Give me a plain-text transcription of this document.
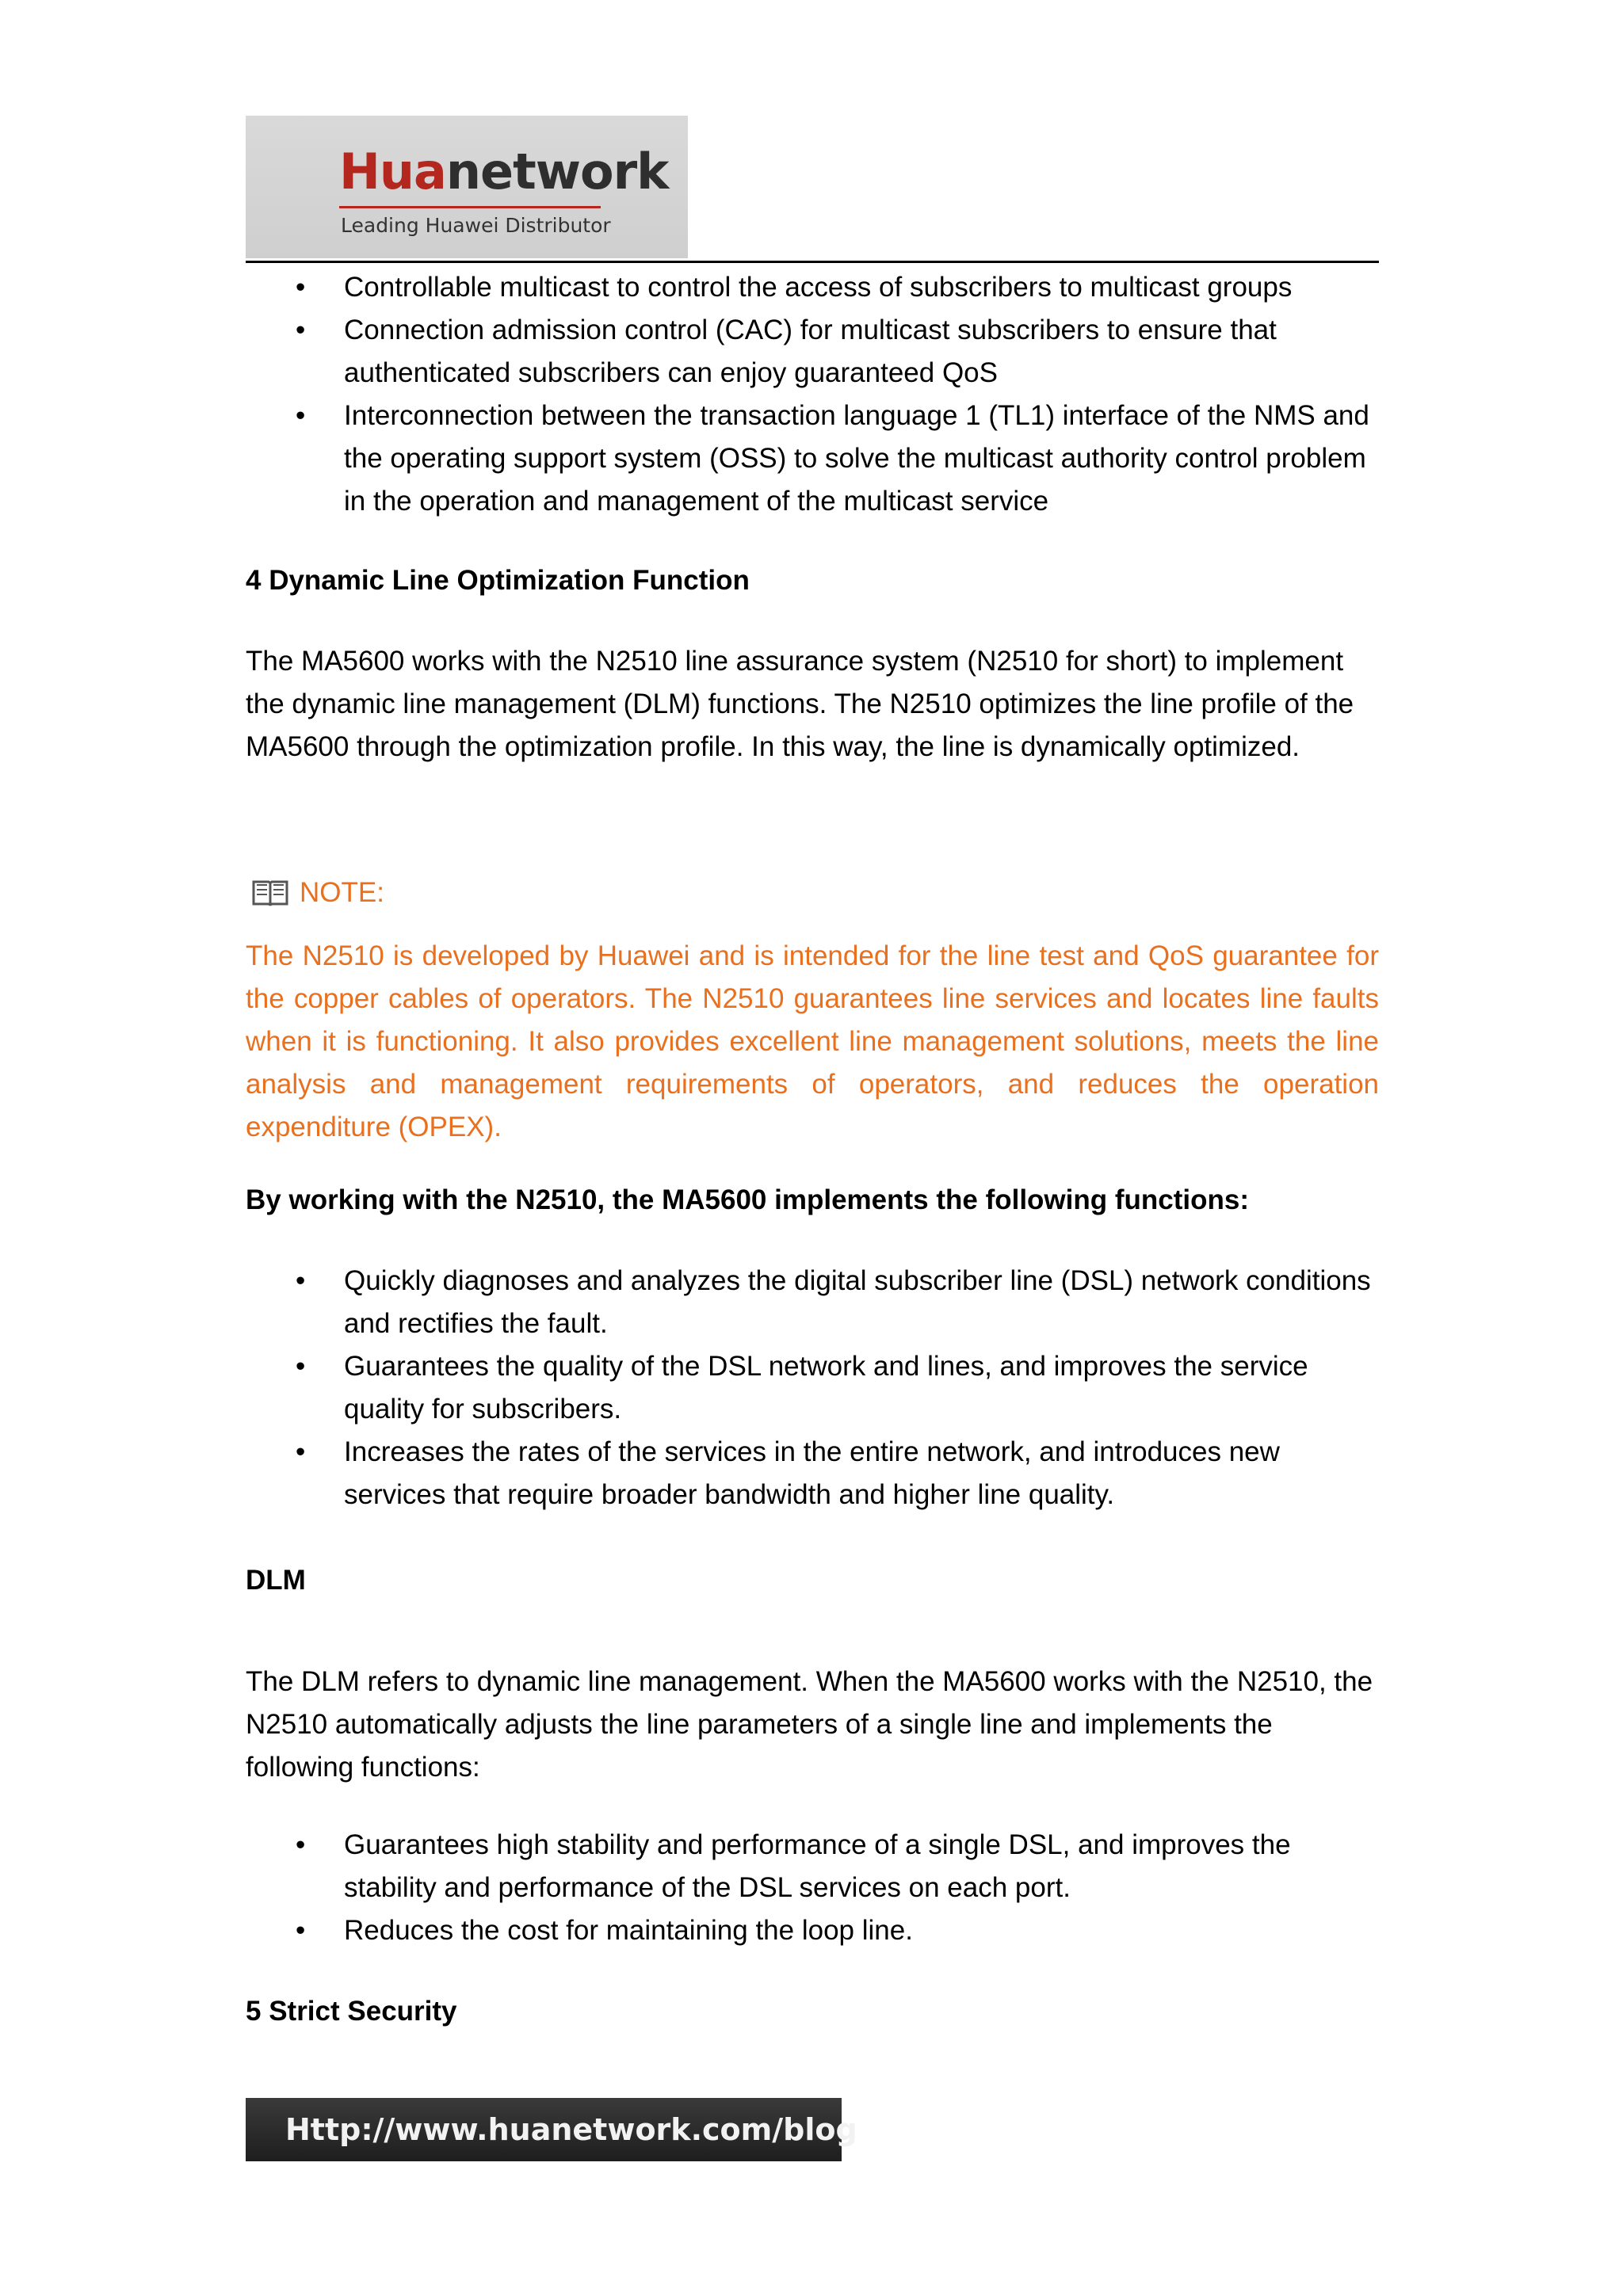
Huanetwork
Leading Huawei Distributor
• Controllable multicast to control the access of subscribers to multicast groups
• Connection admission control (CAC) for multicast subscribers to ensure that authenticated subscribers can enjoy guaranteed QoS
• Interconnection between the transaction language 1 (TL1) interface of the NMS and the operating support system (OSS) to solve the multicast authority control problem in the operation and management of the multicast service
4 Dynamic Line Optimization Function
The MA5600 works with the N2510 line assurance system (N2510 for short) to implement the dynamic line management (DLM) functions. The N2510 optimizes the line profile of the MA5600 through the optimization profile. In this way, the line is dynamically optimized.
NOTE:
The N2510 is developed by Huawei and is intended for the line test and QoS guarantee for the copper cables of operators. The N2510 guarantees line services and locates line faults when it is functioning. It also provides excellent line management solutions, meets the line analysis and management requirements of operators, and reduces the operation expenditure (OPEX).
By working with the N2510, the MA5600 implements the following functions:
• Quickly diagnoses and analyzes the digital subscriber line (DSL) network conditions and rectifies the fault.
• Guarantees the quality of the DSL network and lines, and improves the service quality for subscribers.
• Increases the rates of the services in the entire network, and introduces new services that require broader bandwidth and higher line quality.
DLM
The DLM refers to dynamic line management. When the MA5600 works with the N2510, the N2510 automatically adjusts the line parameters of a single line and implements the following functions:
• Guarantees high stability and performance of a single DSL, and improves the stability and performance of the DSL services on each port.
• Reduces the cost for maintaining the loop line.
5 Strict Security
Http://www.huanetwork.com/blog
